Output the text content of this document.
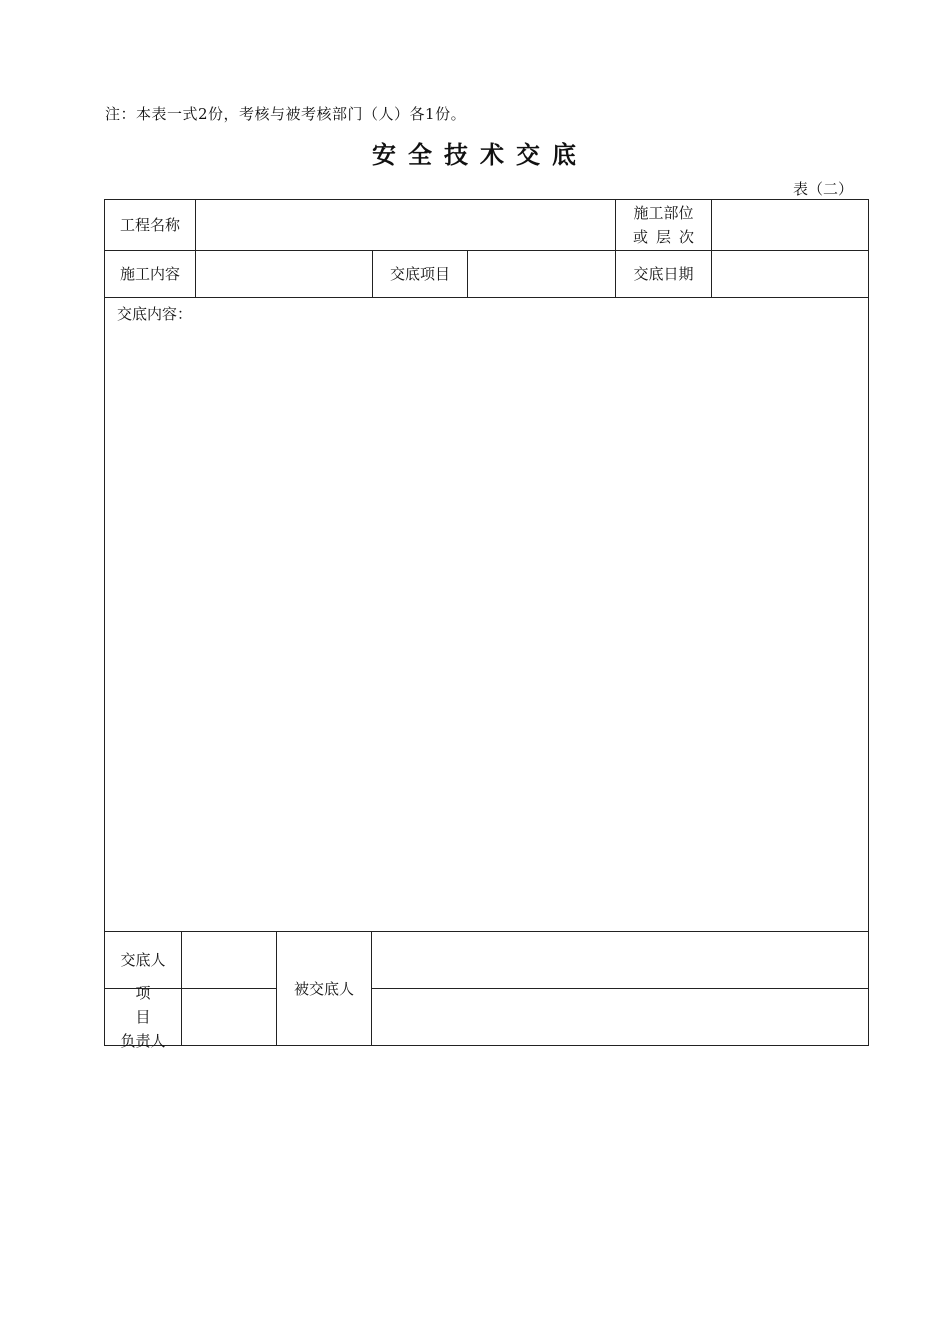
注：本表一式2份，考核与被考核部门（人）各1份。
安全技术交底
表（二）
工程名称
施工部位
或层次
施工内容	交底项目	交底日期
交底内容：
交底人
被交底人
项目
负责人
